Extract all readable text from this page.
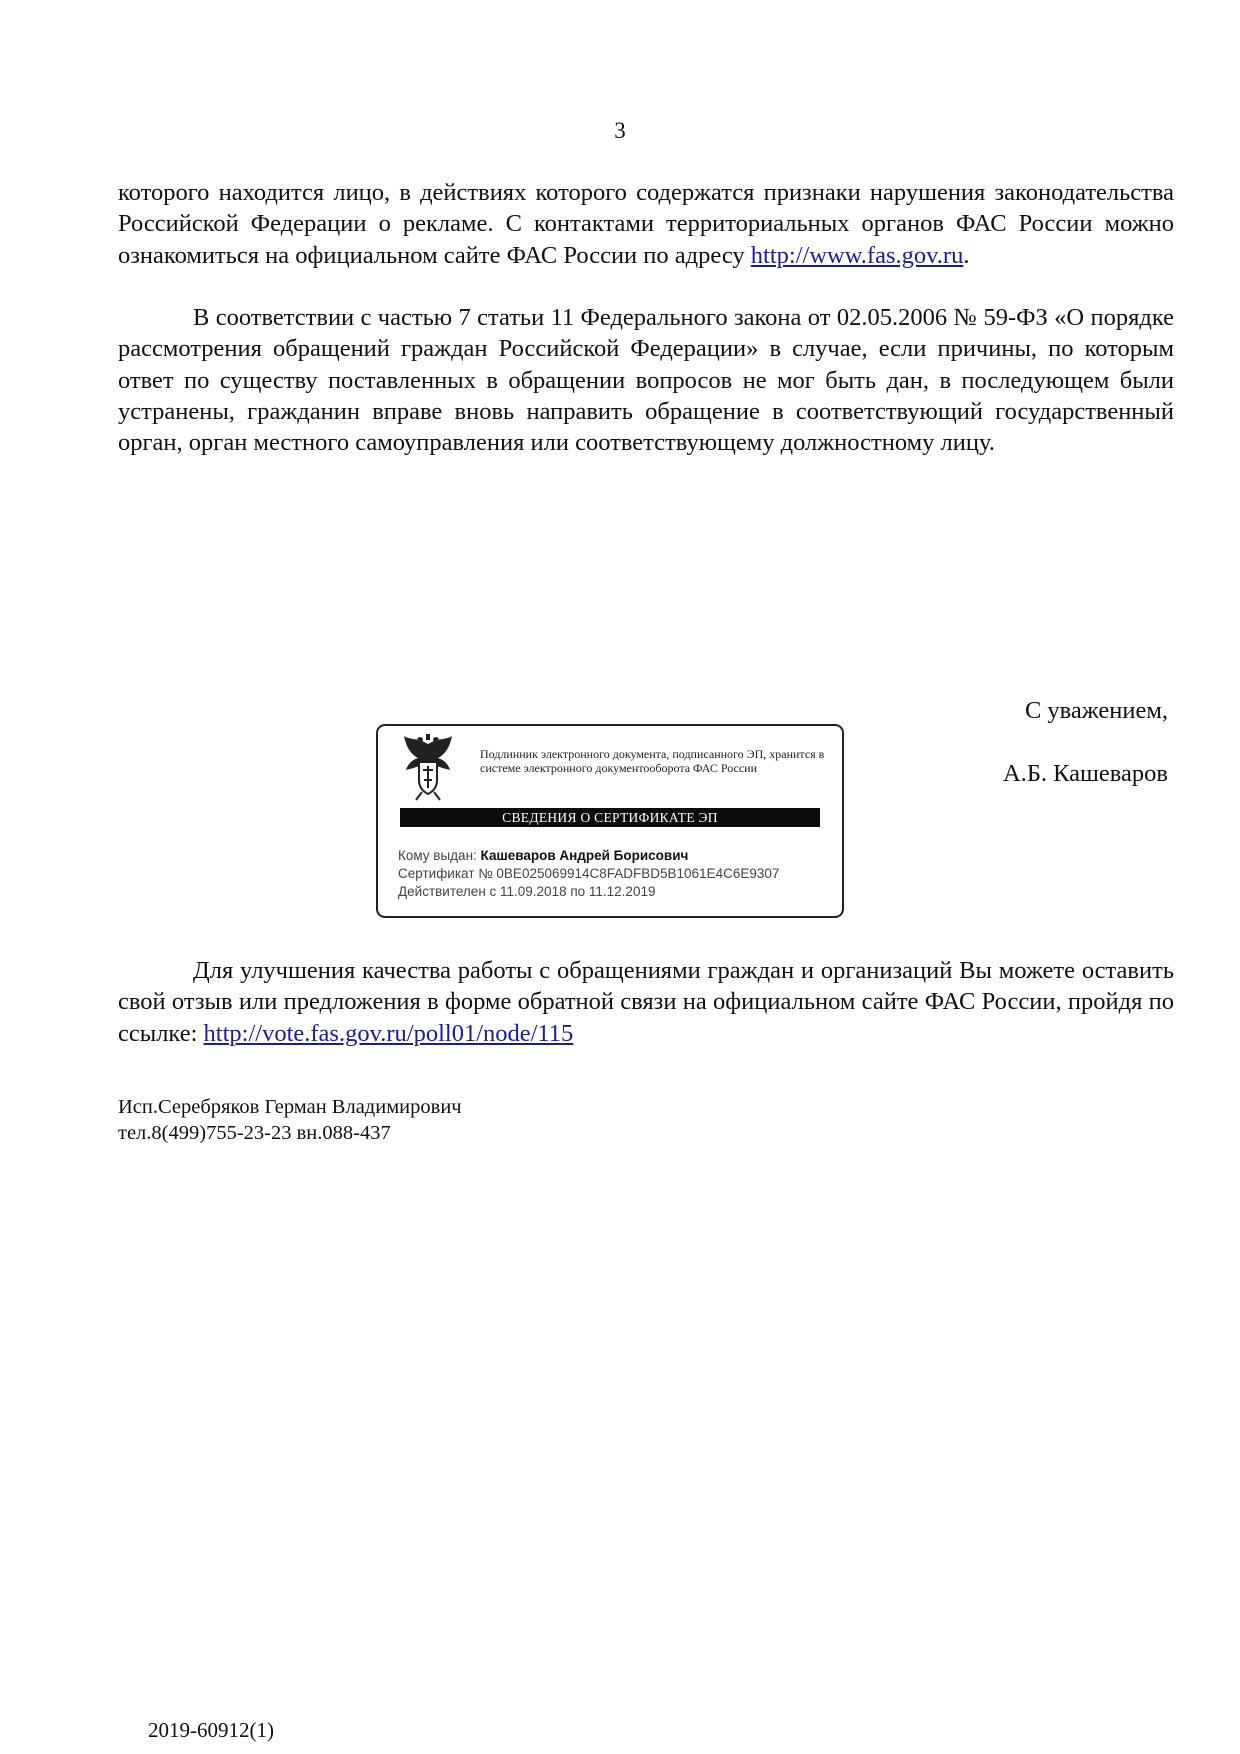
3

которого находится лицо, в действиях которого содержатся признаки нарушения законодательства Российской Федерации о рекламе. С контактами территориальных органов ФАС России можно ознакомиться на официальном сайте ФАС России по адресу http://www.fas.gov.ru.

В соответствии с частью 7 статьи 11 Федерального закона от 02.05.2006 № 59-ФЗ «О порядке рассмотрения обращений граждан Российской Федерации» в случае, если причины, по которым ответ по существу поставленных в обращении вопросов не мог быть дан, в последующем были устранены, гражданин вправе вновь направить обращение в соответствующий государственный орган, орган местного самоуправления или соответствующему должностному лицу.

С уважением,
А.Б. Кашеваров
Подлинник электронного документа, подписанного ЭП, хранится в системе электронного документооборота ФАС России
СВЕДЕНИЯ О СЕРТИФИКАТЕ ЭП
Кому выдан: Кашеваров Андрей Борисович
Сертификат № 0BE025069914C8FADFBD5B1061E4C6E9307
Действителен с 11.09.2018 по 11.12.2019

Для улучшения качества работы с обращениями граждан и организаций Вы можете оставить свой отзыв или предложения в форме обратной связи на официальном сайте ФАС России, пройдя по ссылке: http://vote.fas.gov.ru/poll01/node/115

Исп.Серебряков Герман Владимирович
тел.8(499)755-23-23 вн.088-437
2019-60912(1)
